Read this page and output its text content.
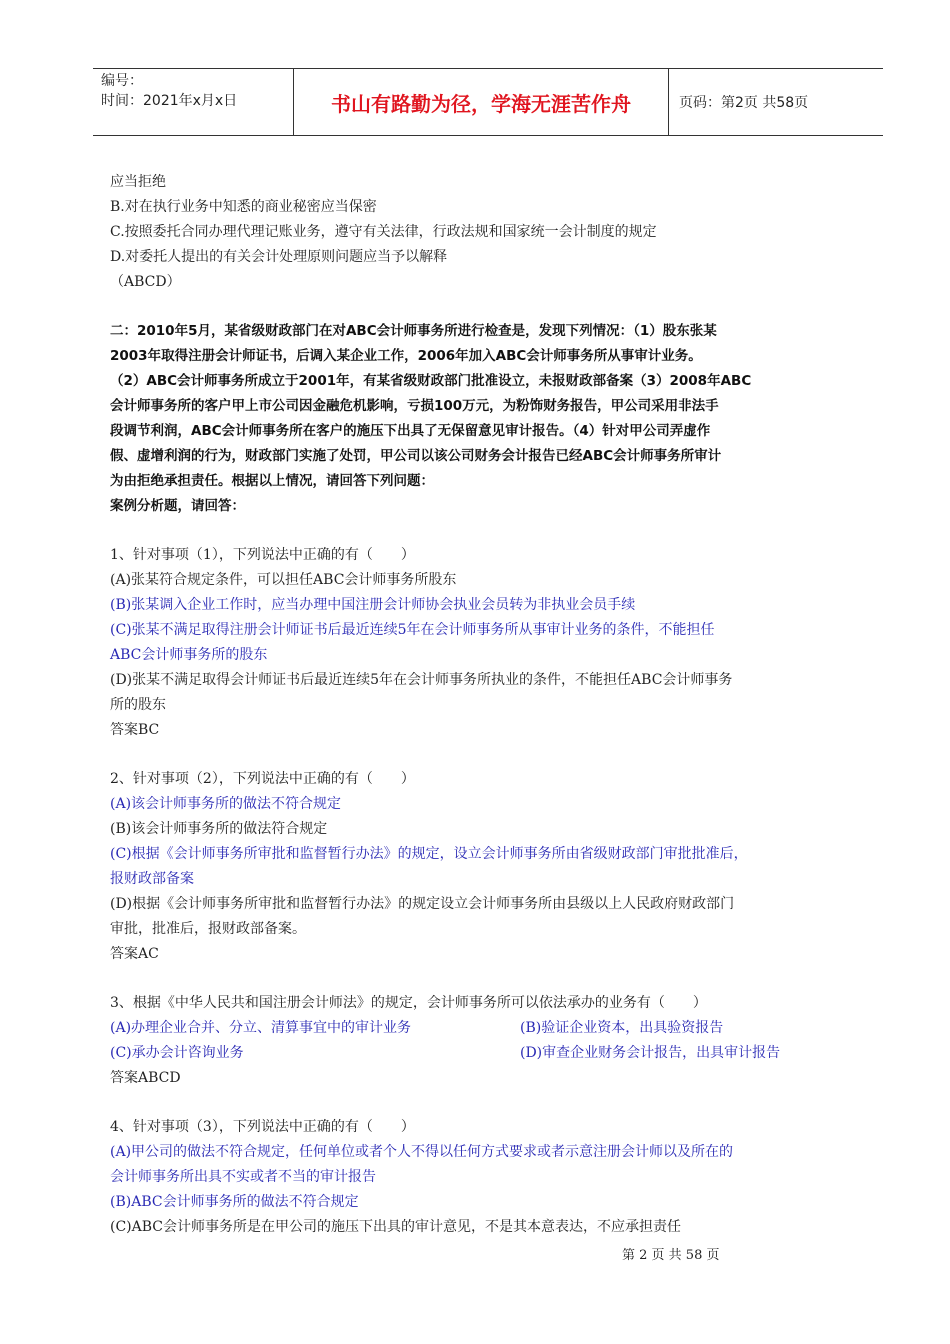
编号：
时间：2021年x月x日	书山有路勤为径，学海无涯苦作舟	页码：第2页 共58页
应当拒绝
B.对在执行业务中知悉的商业秘密应当保密
C.按照委托合同办理代理记账业务，遵守有关法律，行政法规和国家统一会计制度的规定
D.对委托人提出的有关会计处理原则问题应当予以解释
（ABCD）
二：2010年5月，某省级财政部门在对ABC会计师事务所进行检查是，发现下列情况：（1）股东张某
2003年取得注册会计师证书，后调入某企业工作，2006年加入ABC会计师事务所从事审计业务。
（2）ABC会计师事务所成立于2001年，有某省级财政部门批准设立，未报财政部备案（3）2008年ABC
会计师事务所的客户甲上市公司因金融危机影响，亏损100万元，为粉饰财务报告，甲公司采用非法手
段调节利润，ABC会计师事务所在客户的施压下出具了无保留意见审计报告。（4）针对甲公司弄虚作
假、虚增利润的行为，财政部门实施了处罚，甲公司以该公司财务会计报告已经ABC会计师事务所审计
为由拒绝承担责任。根据以上情况，请回答下列问题：
案例分析题，请回答：
1、针对事项（1），下列说法中正确的有（　　）
(A)张某符合规定条件，可以担任ABC会计师事务所股东
(B)张某调入企业工作时，应当办理中国注册会计师协会执业会员转为非执业会员手续
(C)张某不满足取得注册会计师证书后最近连续5年在会计师事务所从事审计业务的条件，不能担任
ABC会计师事务所的股东
(D)张某不满足取得会计师证书后最近连续5年在会计师事务所执业的条件，不能担任ABC会计师事务
所的股东
答案BC
2、针对事项（2），下列说法中正确的有（　　）
(A)该会计师事务所的做法不符合规定
(B)该会计师事务所的做法符合规定
(C)根据《会计师事务所审批和监督暂行办法》的规定，设立会计师事务所由省级财政部门审批批准后，
报财政部备案
(D)根据《会计师事务所审批和监督暂行办法》的规定设立会计师事务所由县级以上人民政府财政部门
审批，批准后，报财政部备案。
答案AC
3、根据《中华人民共和国注册会计师法》的规定，会计师事务所可以依法承办的业务有（　　）
(A)办理企业合并、分立、清算事宜中的审计业务	(B)验证企业资本，出具验资报告
(C)承办会计咨询业务	(D)审查企业财务会计报告，出具审计报告
答案ABCD
4、针对事项（3），下列说法中正确的有（　　）
(A)甲公司的做法不符合规定，任何单位或者个人不得以任何方式要求或者示意注册会计师以及所在的
会计师事务所出具不实或者不当的审计报告
(B)ABC会计师事务所的做法不符合规定
(C)ABC会计师事务所是在甲公司的施压下出具的审计意见，不是其本意表达，不应承担责任
第 2 页 共 58 页
